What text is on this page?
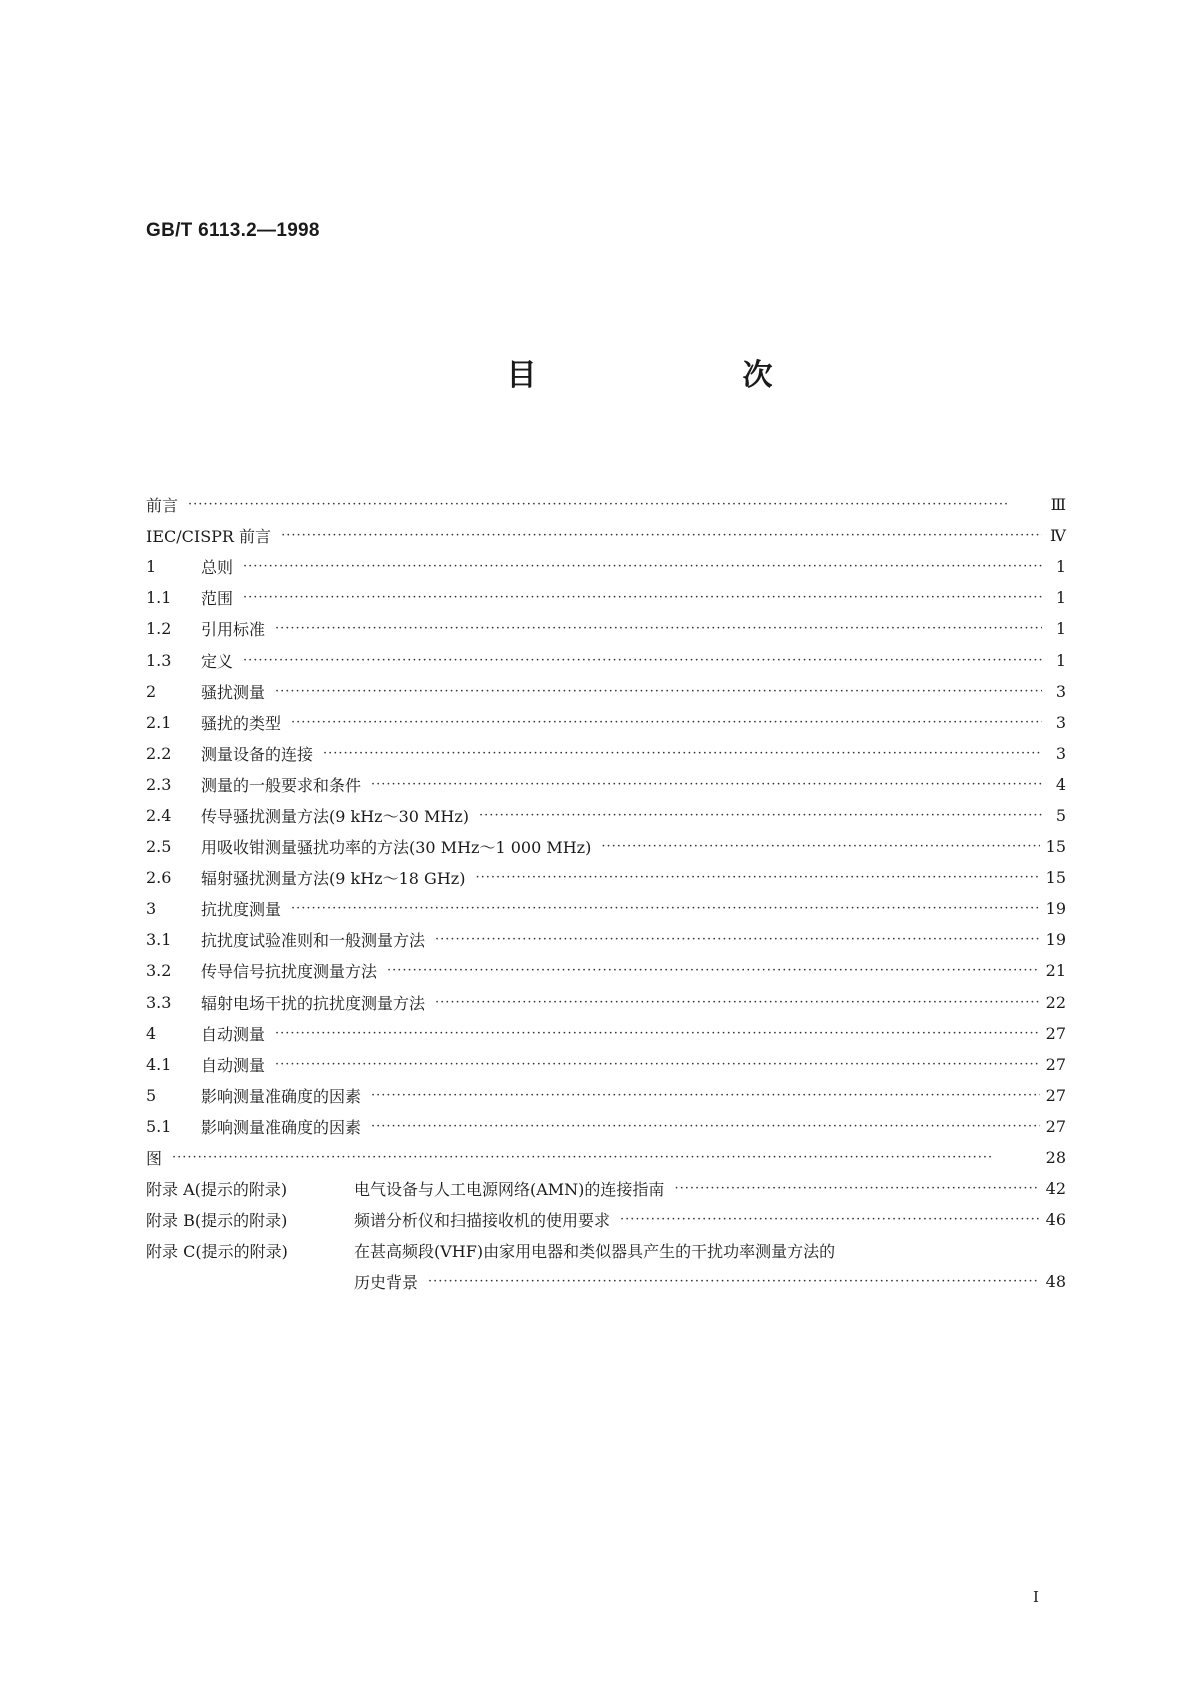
GB/T 6113.2—1998
目　次
前言 ·····	Ⅲ
IEC/CISPR 前言 ·····	Ⅳ
1	总则 ·····	1
1.1	范围 ·····	1
1.2	引用标准 ·····	1
1.3	定义 ·····	1
2	骚扰测量 ·····	3
2.1	骚扰的类型 ·····	3
2.2	测量设备的连接 ·····	3
2.3	测量的一般要求和条件 ·····	4
2.4	传导骚扰测量方法(9 kHz～30 MHz) ·····	5
2.5	用吸收钳测量骚扰功率的方法(30 MHz～1 000 MHz) ·····	15
2.6	辐射骚扰测量方法(9 kHz～18 GHz) ·····	15
3	抗扰度测量 ·····	19
3.1	抗扰度试验准则和一般测量方法 ·····	19
3.2	传导信号抗扰度测量方法 ·····	21
3.3	辐射电场干扰的抗扰度测量方法 ·····	22
4	自动测量 ·····	27
4.1	自动测量 ·····	27
5	影响测量准确度的因素 ·····	27
5.1	影响测量准确度的因素 ·····	27
图 ·····	28
附录 A(提示的附录)	电气设备与人工电源网络(AMN)的连接指南 ·····	42
附录 B(提示的附录)	频谱分析仪和扫描接收机的使用要求 ·····	46
附录 C(提示的附录)	在甚高频段(VHF)由家用电器和类似器具产生的干扰功率测量方法的
历史背景 ·····	48
I
